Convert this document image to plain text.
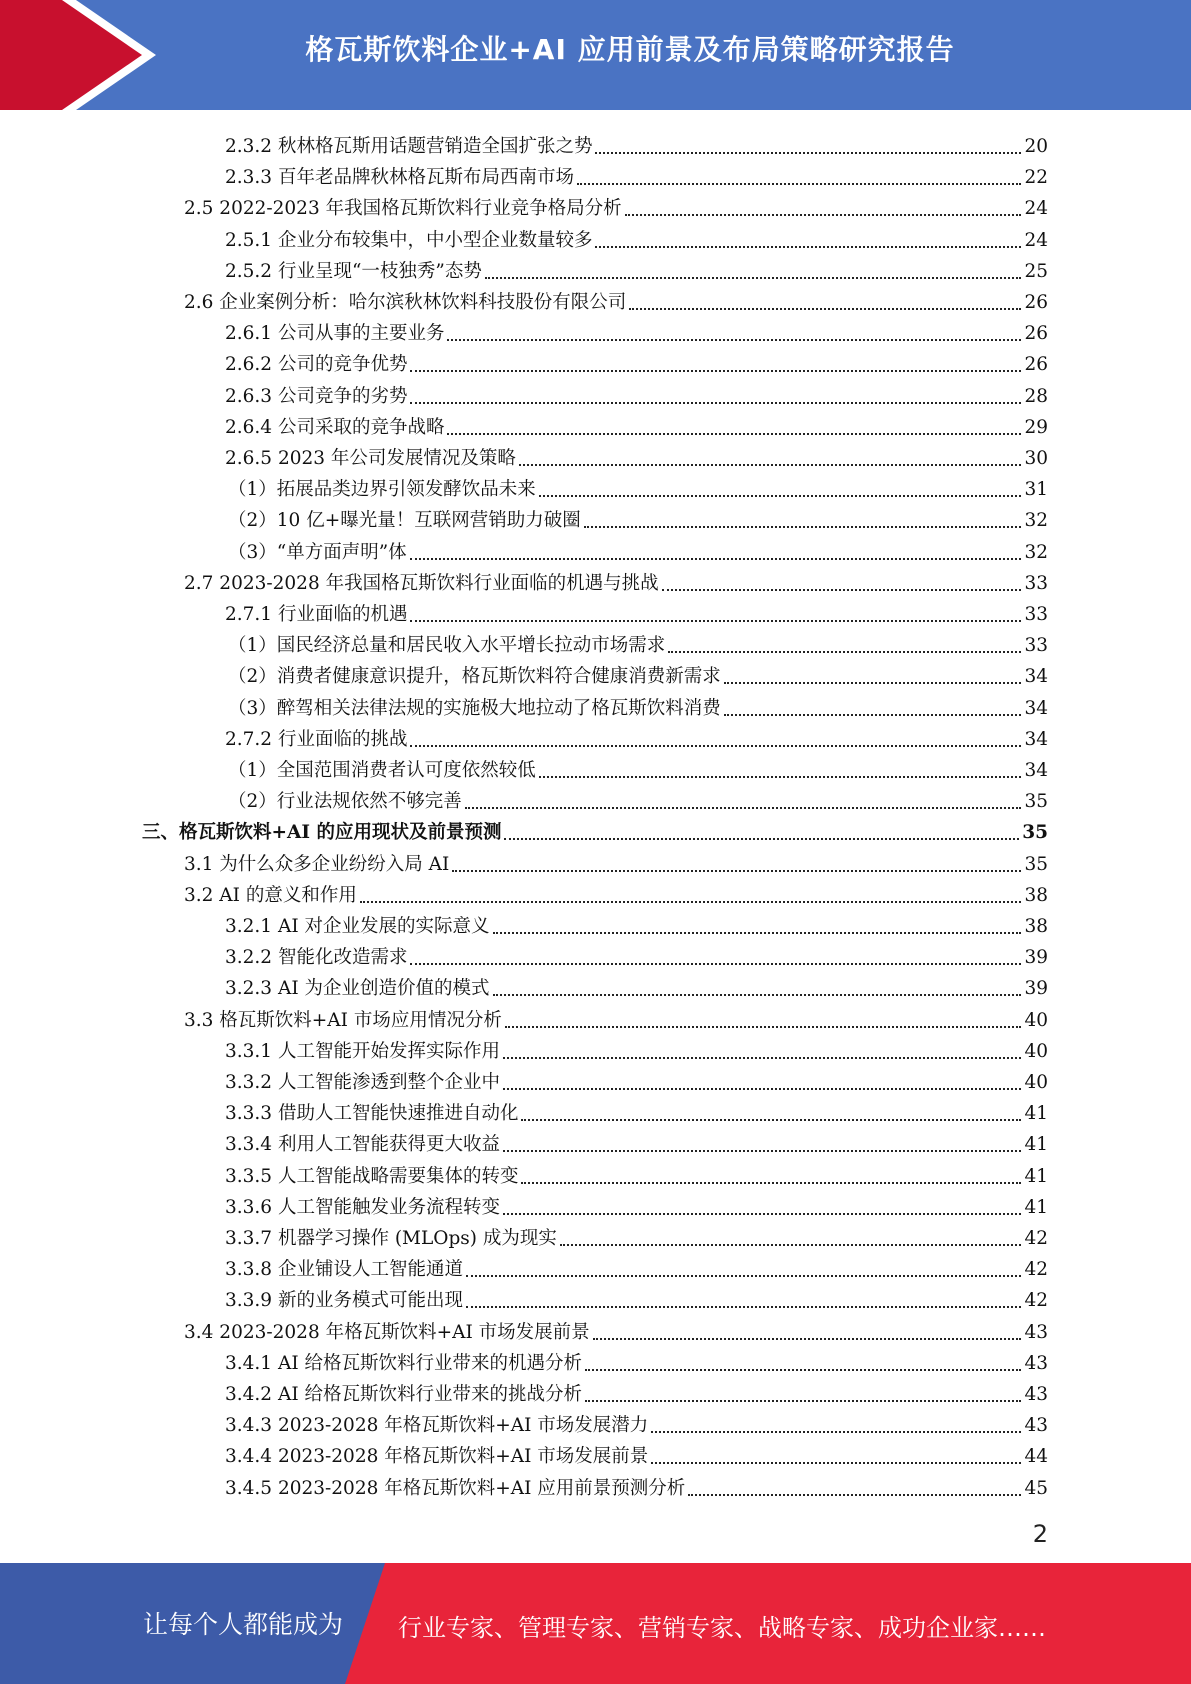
格瓦斯饮料企业+AI 应用前景及布局策略研究报告
2.3.2 秋林格瓦斯用话题营销造全国扩张之势	20
2.3.3 百年老品牌秋林格瓦斯布局西南市场	22
2.5 2022-2023 年我国格瓦斯饮料行业竞争格局分析	24
2.5.1 企业分布较集中，中小型企业数量较多	24
2.5.2 行业呈现“一枝独秀”态势	25
2.6 企业案例分析：哈尔滨秋林饮料科技股份有限公司	26
2.6.1 公司从事的主要业务	26
2.6.2 公司的竞争优势	26
2.6.3 公司竞争的劣势	28
2.6.4 公司采取的竞争战略	29
2.6.5 2023 年公司发展情况及策略	30
（1）拓展品类边界引领发酵饮品未来	31
（2）10 亿+曝光量！互联网营销助力破圈	32
（3）“单方面声明”体	32
2.7 2023-2028 年我国格瓦斯饮料行业面临的机遇与挑战	33
2.7.1 行业面临的机遇	33
（1）国民经济总量和居民收入水平增长拉动市场需求	33
（2）消费者健康意识提升，格瓦斯饮料符合健康消费新需求	34
（3）醉驾相关法律法规的实施极大地拉动了格瓦斯饮料消费	34
2.7.2 行业面临的挑战	34
（1）全国范围消费者认可度依然较低	34
（2）行业法规依然不够完善	35
三、格瓦斯饮料+AI 的应用现状及前景预测	35
3.1 为什么众多企业纷纷入局 AI	35
3.2 AI 的意义和作用	38
3.2.1 AI 对企业发展的实际意义	38
3.2.2 智能化改造需求	39
3.2.3 AI 为企业创造价值的模式	39
3.3 格瓦斯饮料+AI 市场应用情况分析	40
3.3.1 人工智能开始发挥实际作用	40
3.3.2 人工智能渗透到整个企业中	40
3.3.3 借助人工智能快速推进自动化	41
3.3.4 利用人工智能获得更大收益	41
3.3.5 人工智能战略需要集体的转变	41
3.3.6 人工智能触发业务流程转变	41
3.3.7 机器学习操作 (MLOps) 成为现实	42
3.3.8 企业铺设人工智能通道	42
3.3.9 新的业务模式可能出现	42
3.4 2023-2028 年格瓦斯饮料+AI 市场发展前景	43
3.4.1 AI 给格瓦斯饮料行业带来的机遇分析	43
3.4.2 AI 给格瓦斯饮料行业带来的挑战分析	43
3.4.3 2023-2028 年格瓦斯饮料+AI 市场发展潜力	43
3.4.4 2023-2028 年格瓦斯饮料+AI 市场发展前景	44
3.4.5 2023-2028 年格瓦斯饮料+AI 应用前景预测分析	45
2
让每个人都能成为 行业专家、管理专家、营销专家、战略专家、成功企业家……
